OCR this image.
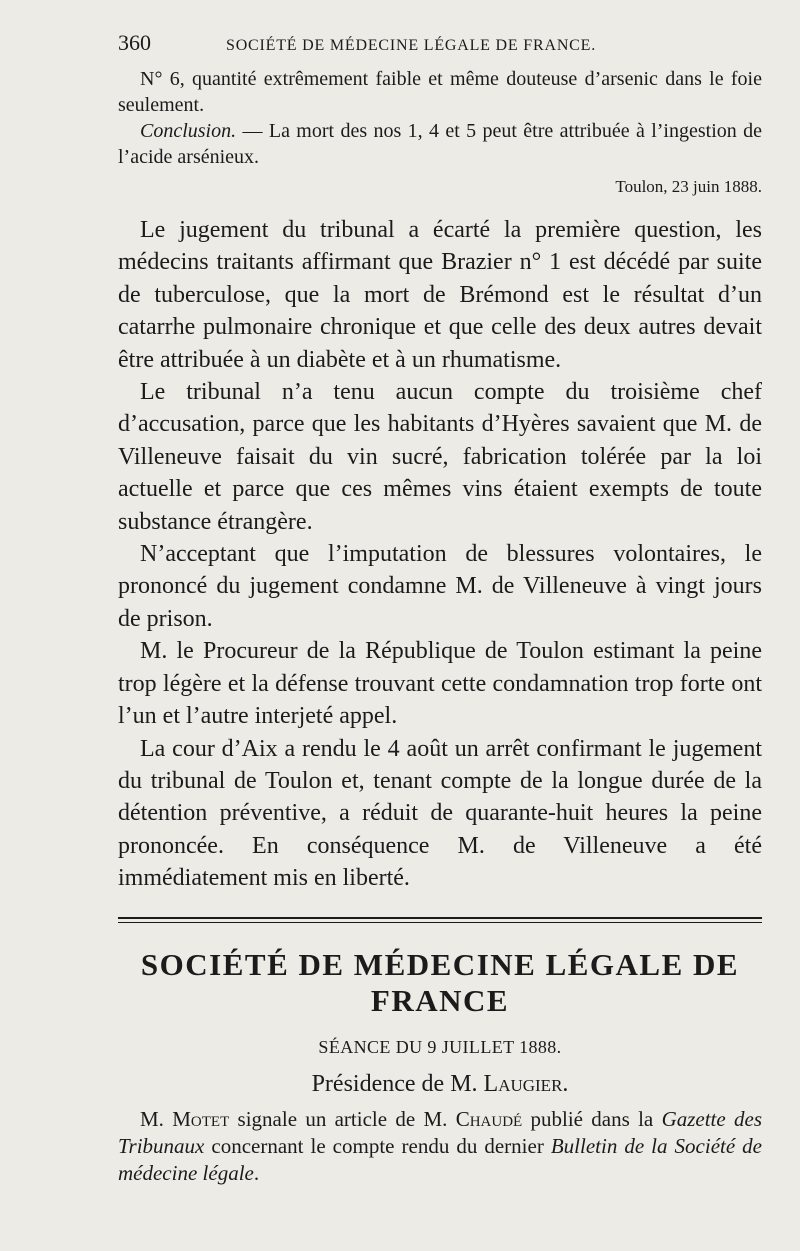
360	SOCIÉTÉ DE MÉDECINE LÉGALE DE FRANCE.

N° 6, quantité extrêmement faible et même douteuse d’arsenic dans le foie seulement.

Conclusion. — La mort des nos 1, 4 et 5 peut être attribuée à l’ingestion de l’acide arsénieux.

Toulon, 23 juin 1888.

Le jugement du tribunal a écarté la première question, les médecins traitants affirmant que Brazier n° 1 est décédé par suite de tuberculose, que la mort de Brémond est le résultat d’un catarrhe pulmonaire chronique et que celle des deux autres devait être attribuée à un diabète et à un rhumatisme.

Le tribunal n’a tenu aucun compte du troisième chef d’accusation, parce que les habitants d’Hyères savaient que M. de Villeneuve faisait du vin sucré, fabrication tolérée par la loi actuelle et parce que ces mêmes vins étaient exempts de toute substance étrangère.

N’acceptant que l’imputation de blessures volontaires, le prononcé du jugement condamne M. de Villeneuve à vingt jours de prison.

M. le Procureur de la République de Toulon estimant la peine trop légère et la défense trouvant cette condamnation trop forte ont l’un et l’autre interjeté appel.

La cour d’Aix a rendu le 4 août un arrêt confirmant le jugement du tribunal de Toulon et, tenant compte de la longue durée de la détention préventive, a réduit de quarante-huit heures la peine prononcée. En conséquence M. de Villeneuve a été immédiatement mis en liberté.

SOCIÉTÉ DE MÉDECINE LÉGALE DE FRANCE
SÉANCE DU 9 JUILLET 1888.
Présidence de M. Laugier.

M. Motet signale un article de M. Chaudé publié dans la Gazette des Tribunaux concernant le compte rendu du dernier Bulletin de la Société de médecine légale.
